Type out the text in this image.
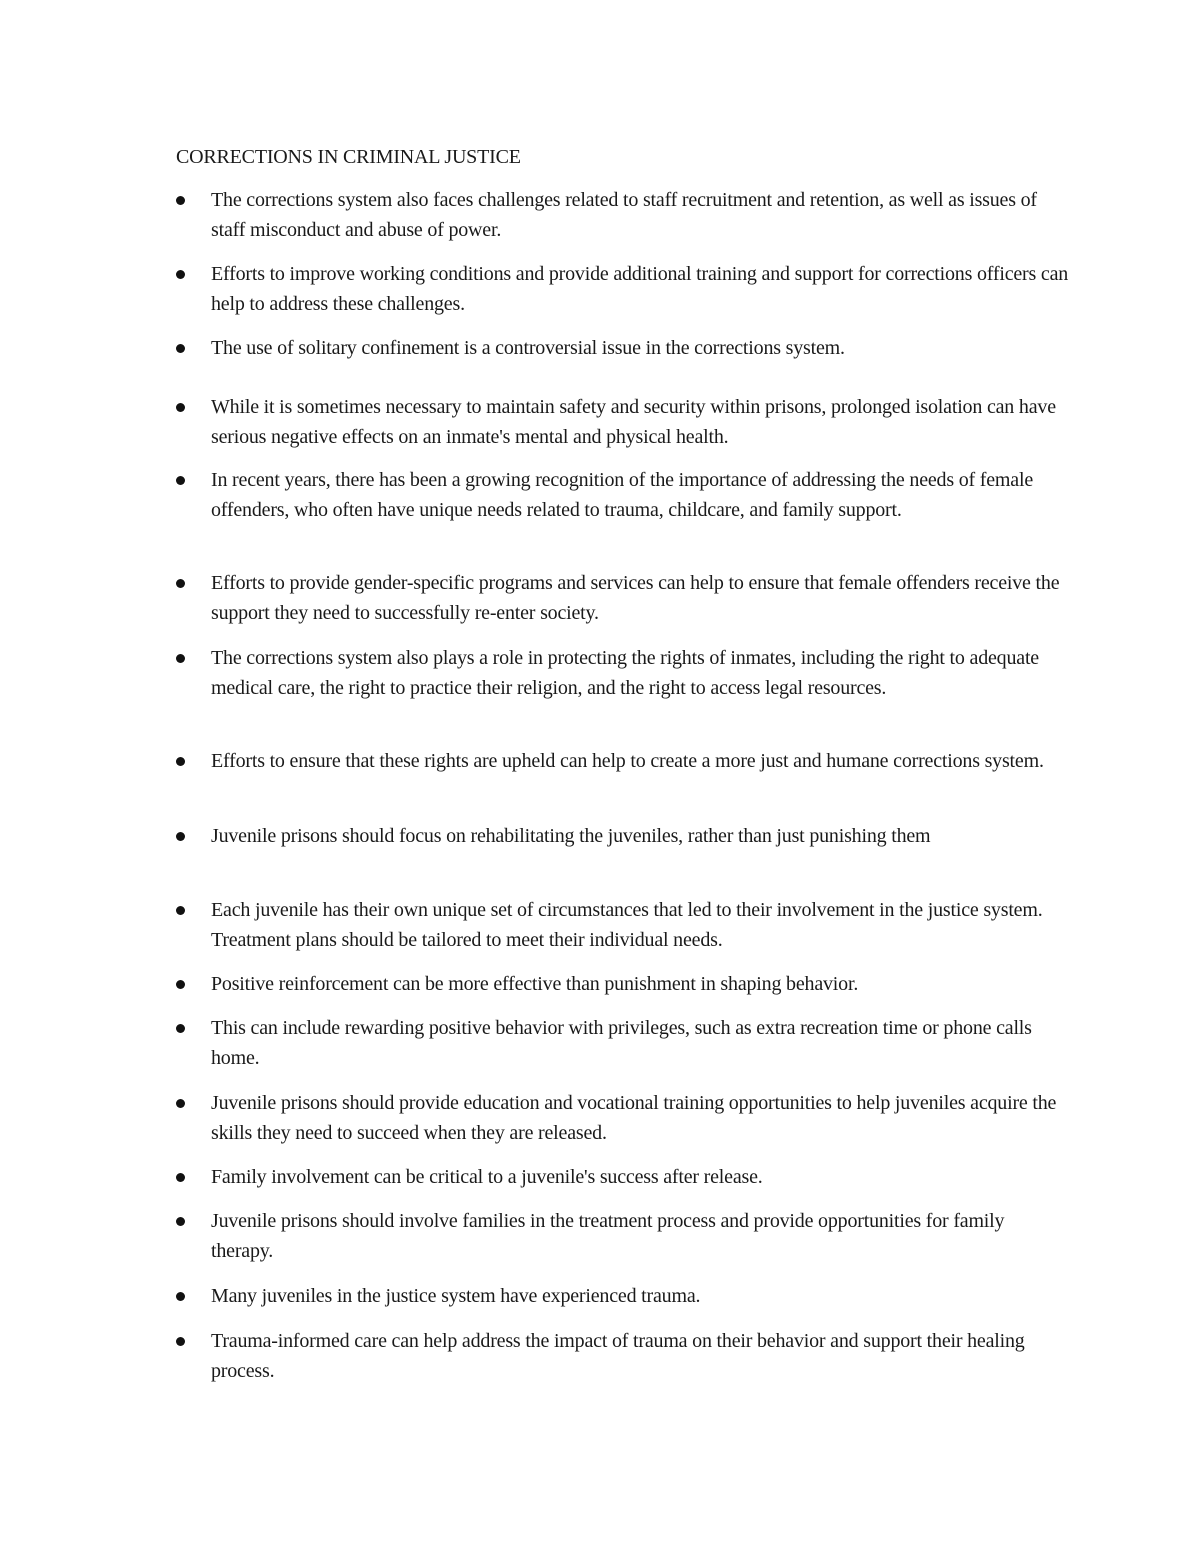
CORRECTIONS IN CRIMINAL JUSTICE
The corrections system also faces challenges related to staff recruitment and retention, as well as issues of staff misconduct and abuse of power.
Efforts to improve working conditions and provide additional training and support for corrections officers can help to address these challenges.
The use of solitary confinement is a controversial issue in the corrections system.
While it is sometimes necessary to maintain safety and security within prisons, prolonged isolation can have serious negative effects on an inmate's mental and physical health.
In recent years, there has been a growing recognition of the importance of addressing the needs of female offenders, who often have unique needs related to trauma, childcare, and family support.
Efforts to provide gender-specific programs and services can help to ensure that female offenders receive the support they need to successfully re-enter society.
The corrections system also plays a role in protecting the rights of inmates, including the right to adequate medical care, the right to practice their religion, and the right to access legal resources.
Efforts to ensure that these rights are upheld can help to create a more just and humane corrections system.
Juvenile prisons should focus on rehabilitating the juveniles, rather than just punishing them
Each juvenile has their own unique set of circumstances that led to their involvement in the justice system. Treatment plans should be tailored to meet their individual needs.
Positive reinforcement can be more effective than punishment in shaping behavior.
This can include rewarding positive behavior with privileges, such as extra recreation time or phone calls home.
Juvenile prisons should provide education and vocational training opportunities to help juveniles acquire the skills they need to succeed when they are released.
Family involvement can be critical to a juvenile's success after release.
Juvenile prisons should involve families in the treatment process and provide opportunities for family therapy.
Many juveniles in the justice system have experienced trauma.
Trauma-informed care can help address the impact of trauma on their behavior and support their healing process.
